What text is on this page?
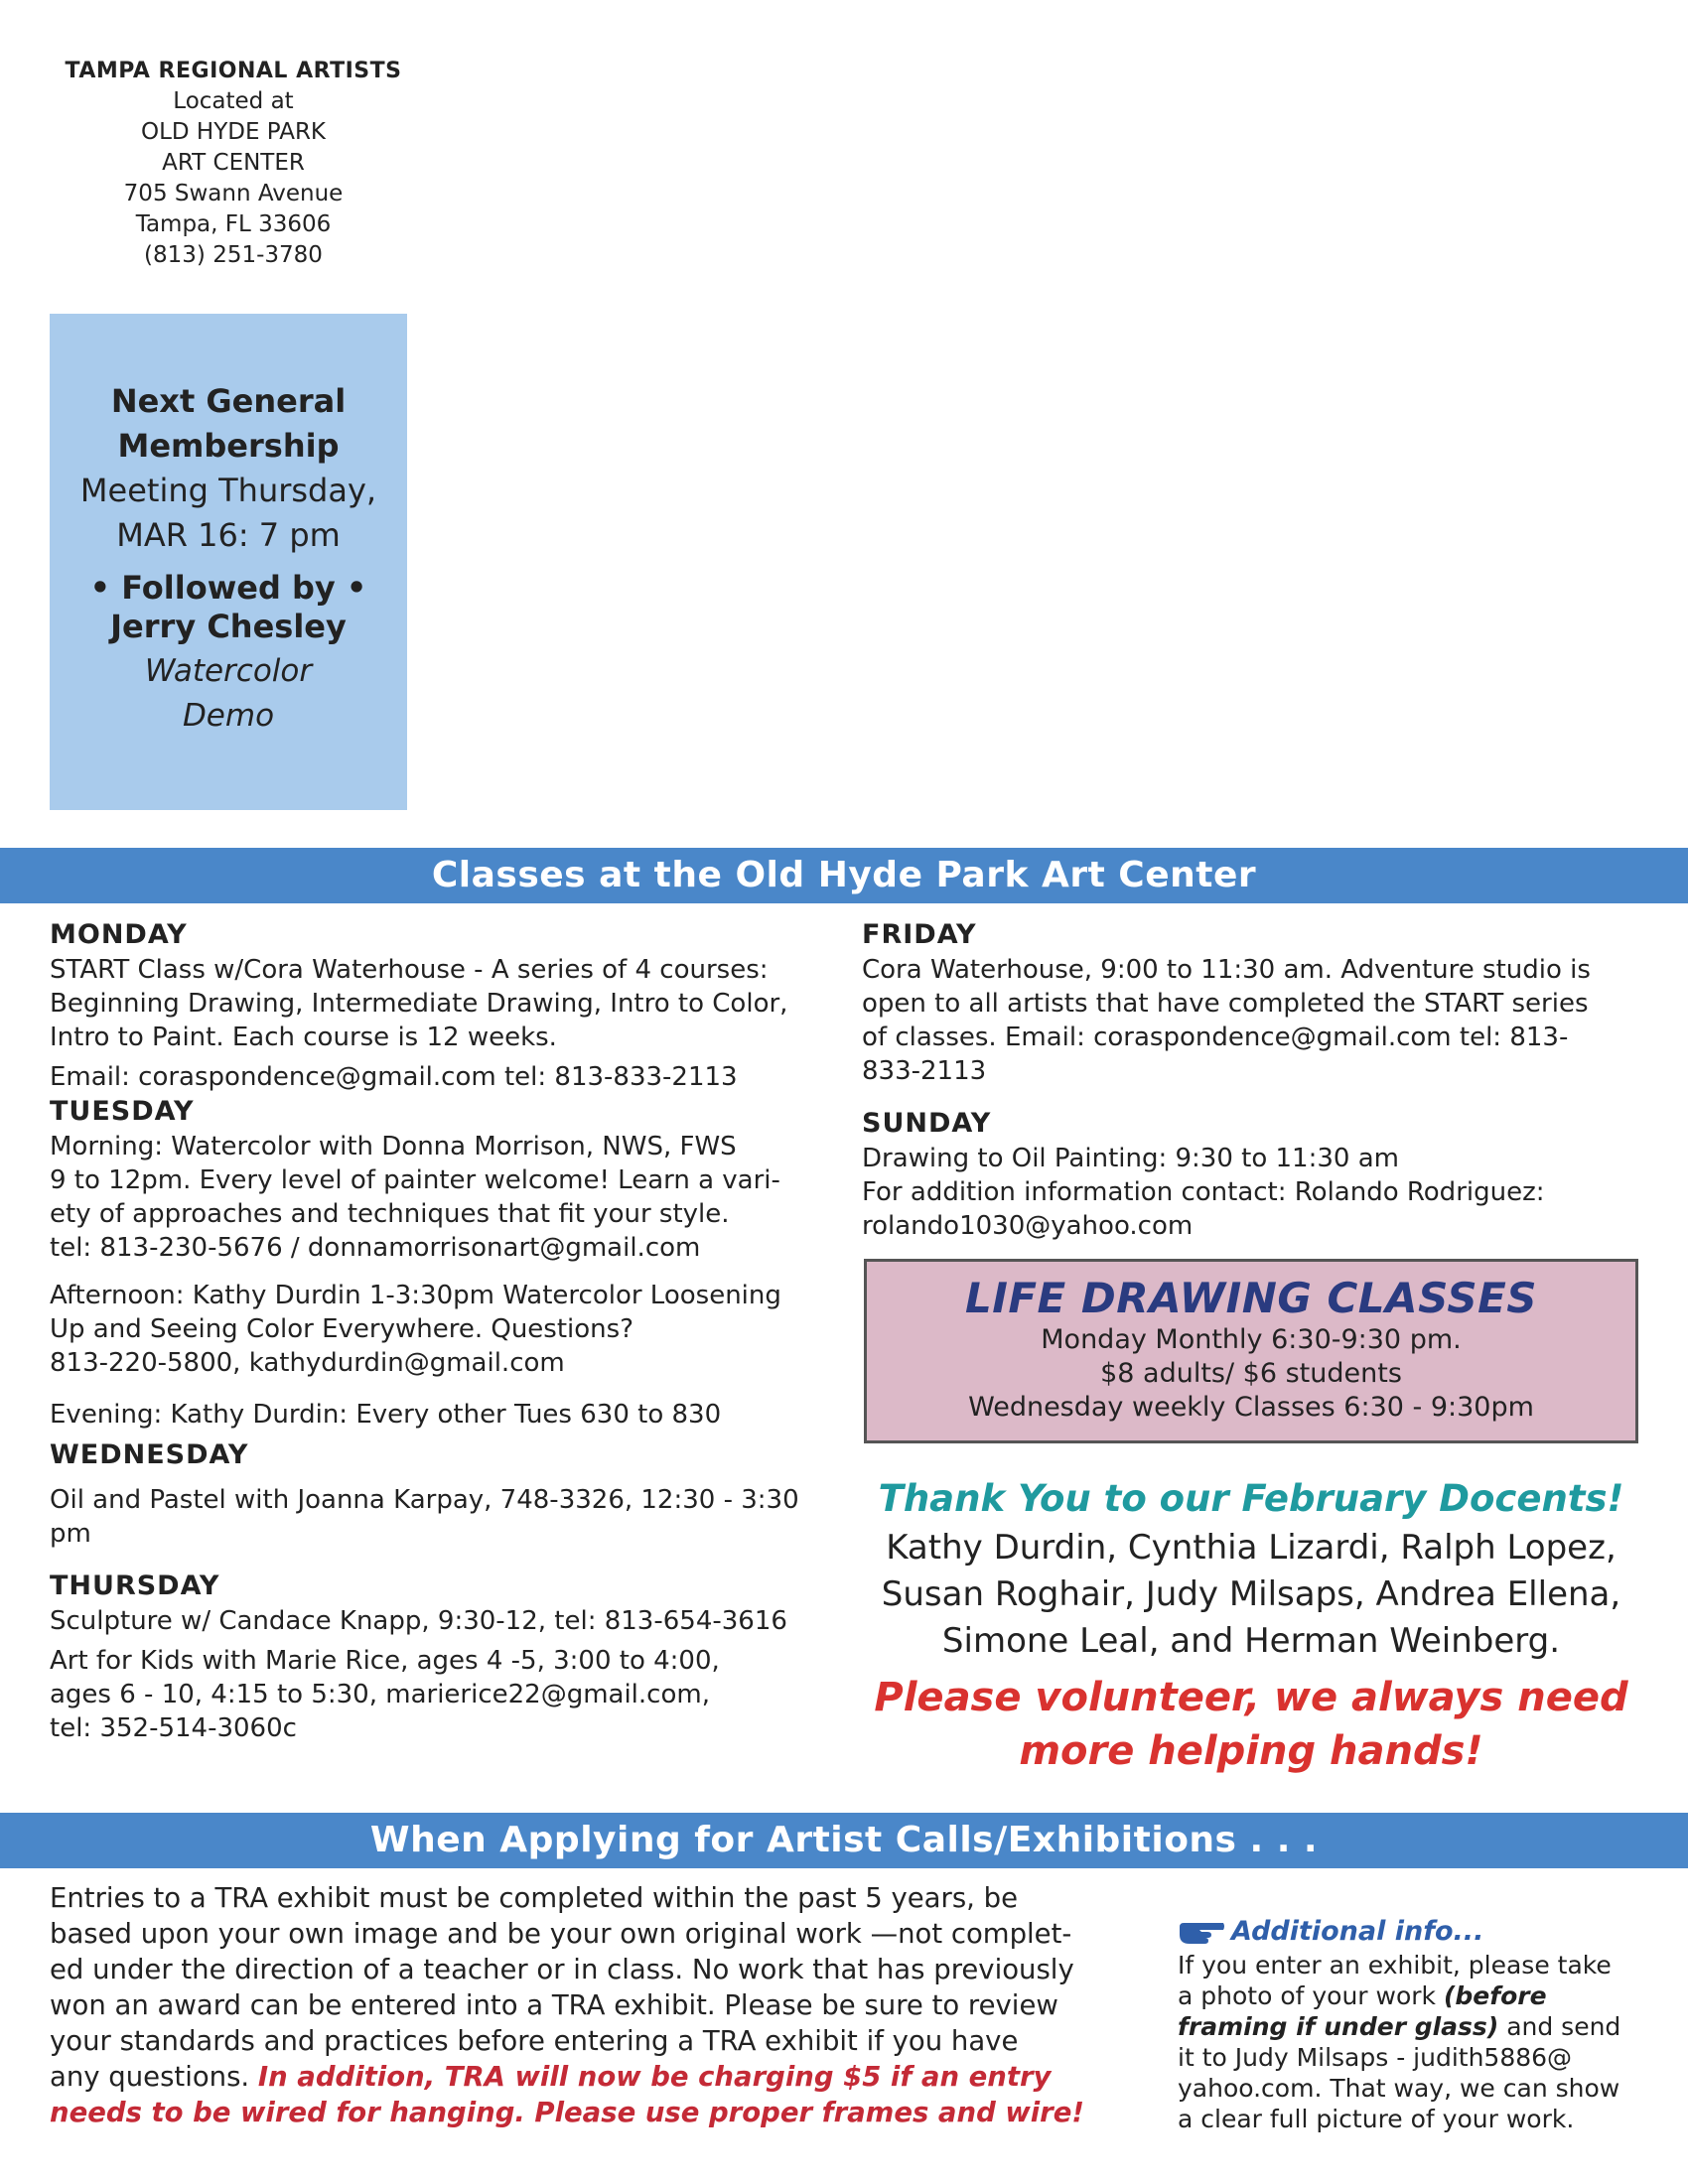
TAMPA REGIONAL ARTISTS
Located at
OLD HYDE PARK
ART CENTER
705 Swann Avenue
Tampa, FL 33606
(813) 251-3780
Next General
Membership
Meeting Thursday,
MAR 16: 7 pm
• Followed by •
Jerry Chesley
Watercolor
Demo
Classes at the Old Hyde Park Art Center
MONDAY

START Class w/Cora Waterhouse - A series of 4 courses:

Beginning Drawing, Intermediate Drawing, Intro to Color,

Intro to Paint. Each course is 12 weeks.

Email: coraspondence@gmail.com tel: 813-833-2113

TUESDAY

Morning: Watercolor with Donna Morrison, NWS, FWS

9 to 12pm. Every level of painter welcome! Learn a vari-

ety of approaches and techniques that fit your style.

tel: 813-230-5676 / donnamorrisonart@gmail.com

Afternoon: Kathy Durdin 1-3:30pm Watercolor Loosening

Up and Seeing Color Everywhere. Questions?

813-220-5800, kathydurdin@gmail.com

Evening: Kathy Durdin: Every other Tues 630 to 830

WEDNESDAY

Oil and Pastel with Joanna Karpay, 748-3326, 12:30 - 3:30 pm

THURSDAY

Sculpture w/ Candace Knapp, 9:30-12, tel: 813-654-3616

Art for Kids with Marie Rice, ages 4 -5, 3:00 to 4:00,

ages 6 - 10, 4:15 to 5:30, marierice22@gmail.com,

tel: 352-514-3060c

FRIDAY

Cora Waterhouse, 9:00 to 11:30 am. Adventure studio is

open to all artists that have completed the START series

of classes. Email: coraspondence@gmail.com tel: 813-

833-2113

SUNDAY

Drawing to Oil Painting: 9:30 to 11:30 am

For addition information contact: Rolando Rodriguez:

rolando1030@yahoo.com

LIFE DRAWING CLASSES
Monday Monthly 6:30-9:30 pm.
$8 adults/ $6 students
Wednesday weekly Classes 6:30 - 9:30pm
Thank You to our February Docents!
Kathy Durdin, Cynthia Lizardi, Ralph Lopez,
Susan Roghair, Judy Milsaps, Andrea Ellena,
Simone Leal, and Herman Weinberg.
Please volunteer, we always need
more helping hands!
When Applying for Artist Calls/Exhibitions . . .
Entries to a TRA exhibit must be completed within the past 5 years, be
based upon your own image and be your own original work —not complet-
ed under the direction of a teacher or in class. No work that has previously
won an award can be entered into a TRA exhibit. Please be sure to review
your standards and practices before entering a TRA exhibit if you have
any questions. In addition, TRA will now be charging $5 if an entry
needs to be wired for hanging. Please use proper frames and wire!
Additional info...
If you enter an exhibit, please take
a photo of your work (before
framing if under glass) and send
it to Judy Milsaps - judith5886@
yahoo.com. That way, we can show
a clear full picture of your work.
